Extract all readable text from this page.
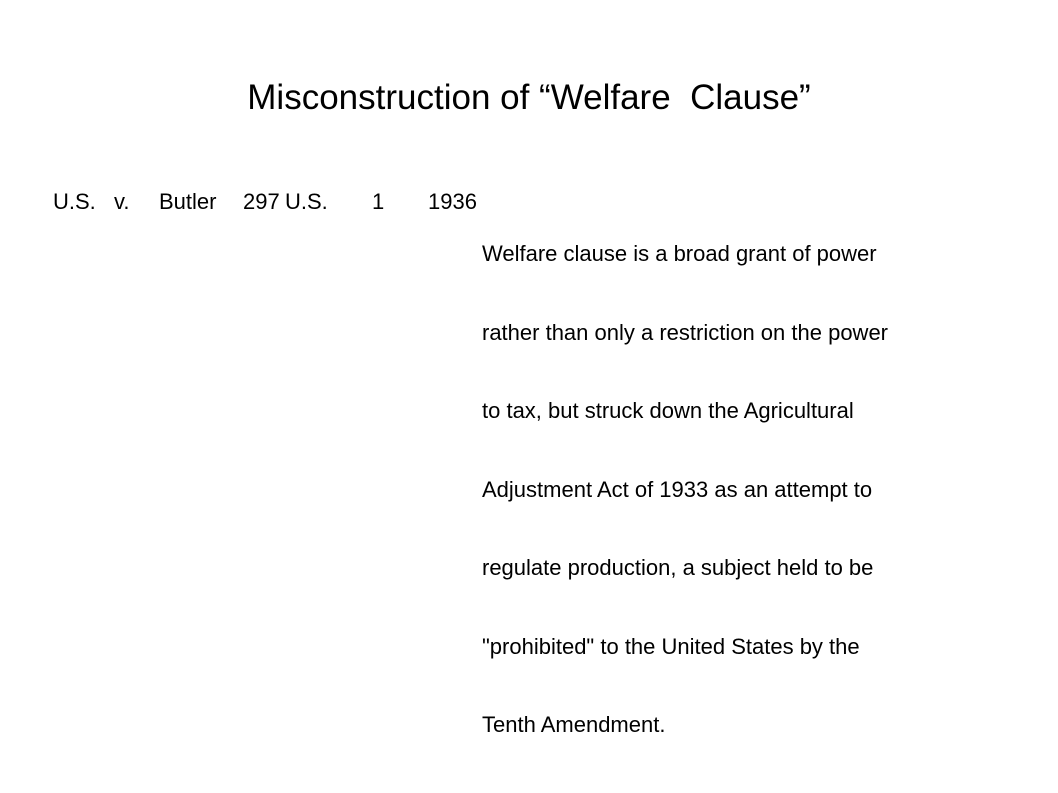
Misconstruction of “Welfare  Clause”
U.S. v. Butler 297 U.S. 1 1936

Welfare clause is a broad grant of power

rather than only a restriction on the power

to tax, but struck down the Agricultural

Adjustment Act of 1933 as an attempt to

regulate production, a subject held to be

"prohibited" to the United States by the

Tenth Amendment.
